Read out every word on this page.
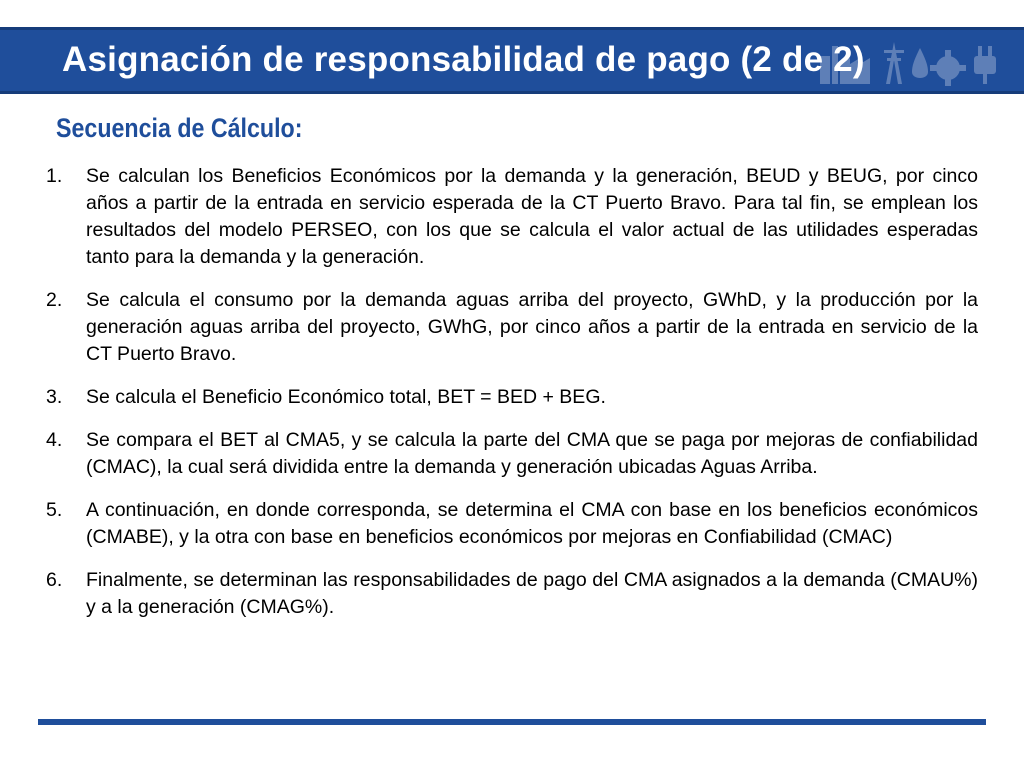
Asignación de responsabilidad de pago (2 de 2)
Secuencia de Cálculo:
1. Se calculan los Beneficios Económicos por la demanda y la generación, BEUD y BEUG, por cinco años a partir de la entrada en servicio esperada de la CT Puerto Bravo. Para tal fin, se emplean los resultados del modelo PERSEO, con los que se calcula el valor actual de las utilidades esperadas tanto para la demanda y la generación.
2. Se calcula el consumo por la demanda aguas arriba del proyecto, GWhD, y la producción por la generación aguas arriba del proyecto, GWhG, por cinco años a partir de la entrada en servicio de la CT Puerto Bravo.
3. Se calcula el Beneficio Económico total, BET = BED + BEG.
4. Se compara el BET al CMA5, y se calcula la parte del CMA que se paga por mejoras de confiabilidad (CMAC), la cual será dividida entre la demanda y generación ubicadas Aguas Arriba.
5. A continuación, en donde corresponda, se determina el CMA con base en los beneficios económicos (CMABE), y la otra con base en beneficios económicos por mejoras en Confiabilidad (CMAC)
6. Finalmente, se determinan las responsabilidades de pago del CMA asignados a la demanda (CMAU%) y a la generación (CMAG%).
